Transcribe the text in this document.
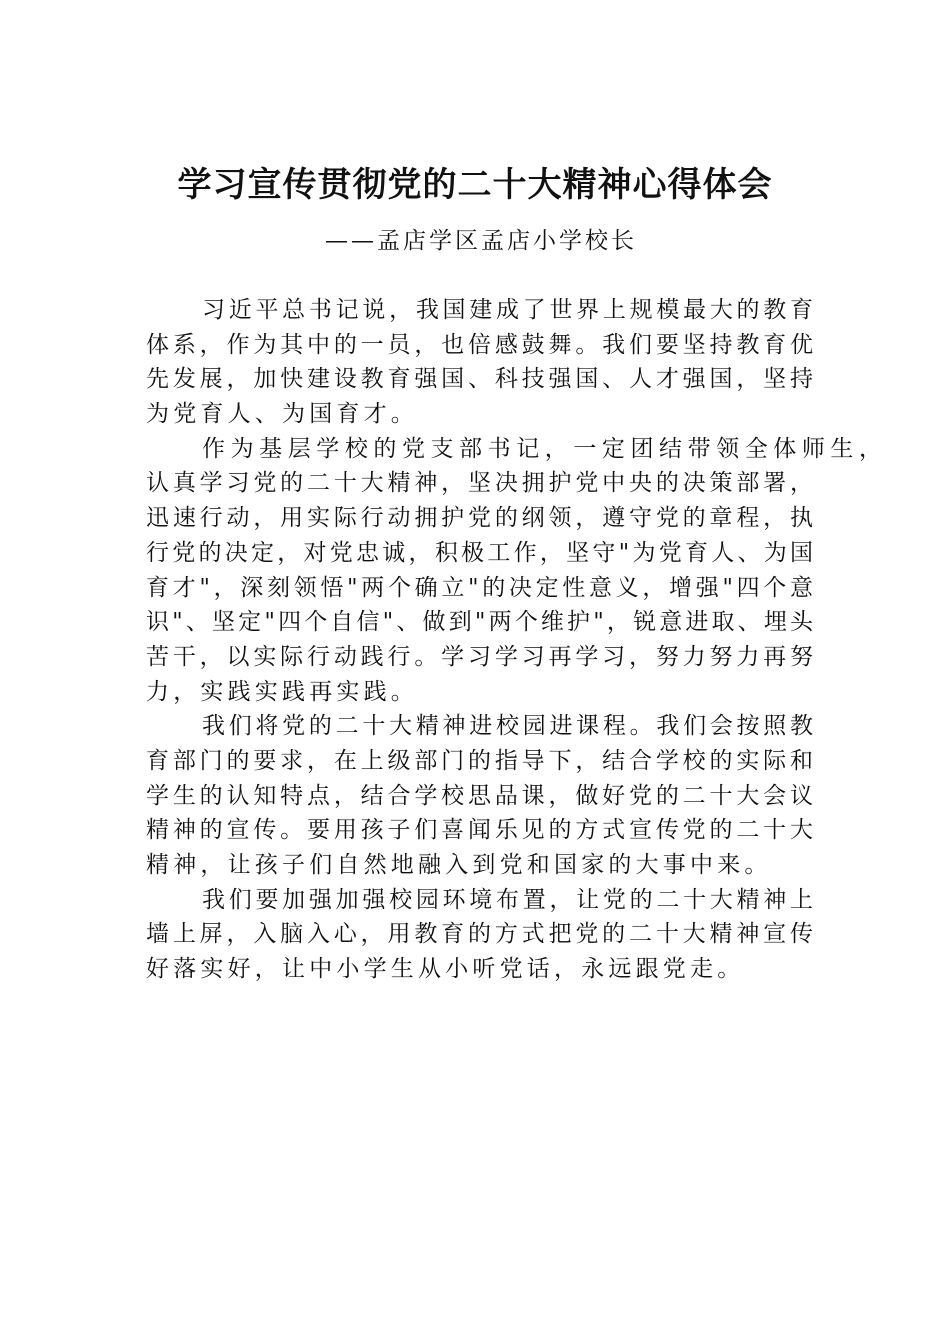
学习宣传贯彻党的二十大精神心得体会
——孟店学区孟店小学校长
习近平总书记说，我国建成了世界上规模最大的教育
体系，作为其中的一员，也倍感鼓舞。我们要坚持教育优
先发展，加快建设教育强国、科技强国、人才强国，坚持
为党育人、为国育才。
作为基层学校的党支部书记，一定团结带领全体师生，
认真学习党的二十大精神，坚决拥护党中央的决策部署，
迅速行动，用实际行动拥护党的纲领，遵守党的章程，执
行党的决定，对党忠诚，积极工作，坚守"为党育人、为国
育才"，深刻领悟"两个确立"的决定性意义，增强"四个意
识"、坚定"四个自信"、做到"两个维护"，锐意进取、埋头
苦干，以实际行动践行。学习学习再学习，努力努力再努
力，实践实践再实践。
我们将党的二十大精神进校园进课程。我们会按照教
育部门的要求，在上级部门的指导下，结合学校的实际和
学生的认知特点，结合学校思品课，做好党的二十大会议
精神的宣传。要用孩子们喜闻乐见的方式宣传党的二十大
精神，让孩子们自然地融入到党和国家的大事中来。
我们要加强加强校园环境布置，让党的二十大精神上
墙上屏，入脑入心，用教育的方式把党的二十大精神宣传
好落实好，让中小学生从小听党话，永远跟党走。
